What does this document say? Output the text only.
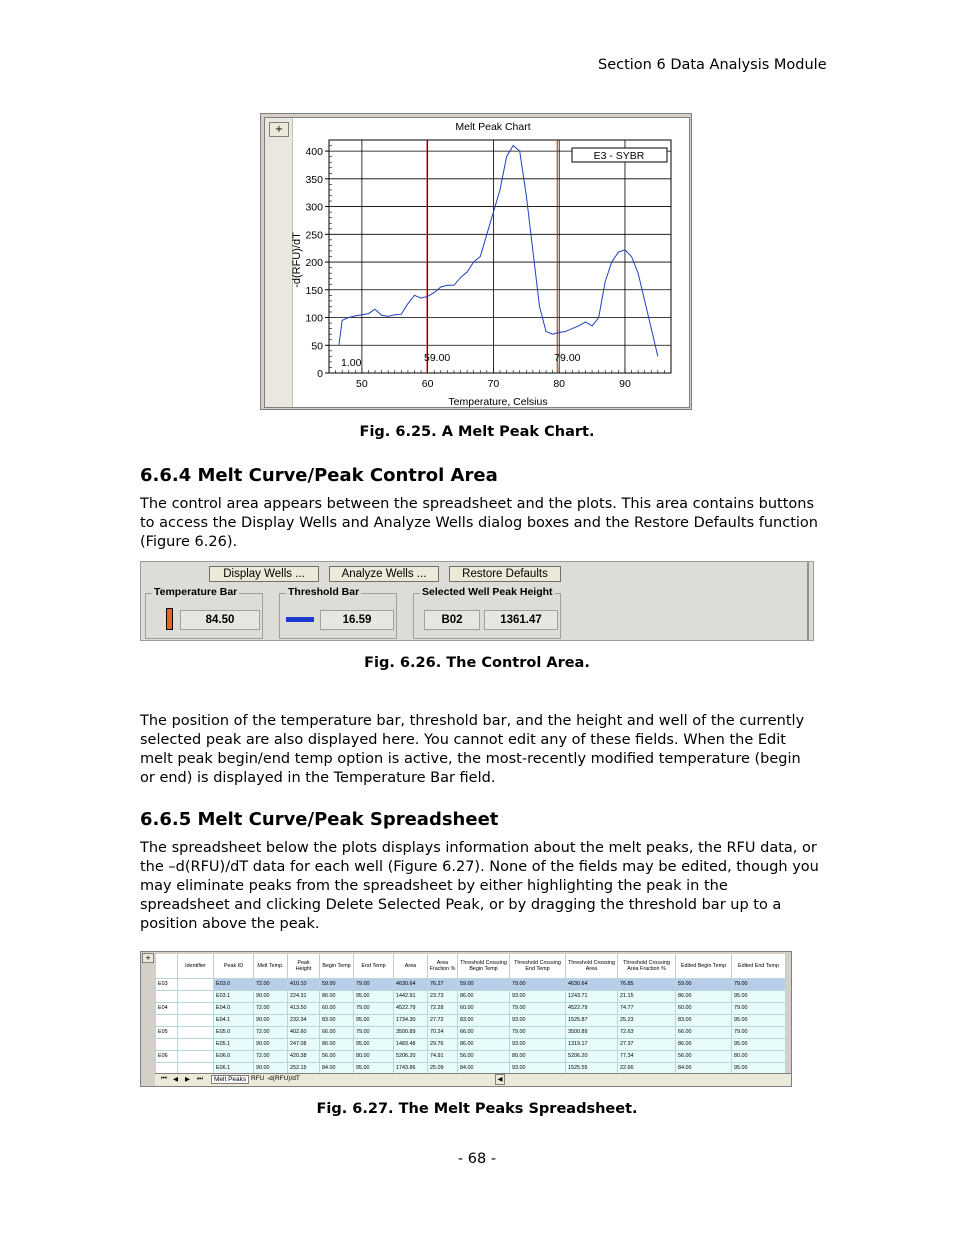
Section 6 Data Analysis Module
+	Melt Peak Chart
0
50
100
150
200
250
300
350
400
50	60	70	80	90
59.00	79.00
-d(RFU)/dT
Temperature, Celsius
E3 - SYBR
1.00
Fig. 6.25. A Melt Peak Chart.
6.6.4 Melt Curve/Peak Control Area
The control area appears between the spreadsheet and the plots. This area contains buttons to access the Display Wells and Analyze Wells dialog boxes and the Restore Defaults function (Figure 6.26).
Display Wells ...	Analyze Wells ...	Restore Defaults
Temperature Bar
84.50
Threshold Bar
16.59
Selected Well Peak Height
B02	1361.47
Fig. 6.26. The Control Area.
The position of the temperature bar, threshold bar, and the height and well of the currently selected peak are also displayed here. You cannot edit any of these fields. When the Edit melt peak begin/end temp option is active, the most-recently modified temperature (begin or end) is displayed in the Temperature Bar field.
6.6.5 Melt Curve/Peak Spreadsheet
The spreadsheet below the plots displays information about the melt peaks, the RFU data, or the –d(RFU)/dT data for each well (Figure 6.27). None of the fields may be edited, though you may eliminate peaks from the spreadsheet by either highlighting the peak in the spreadsheet and clicking Delete Selected Peak, or by dragging the threshold bar up to a position above the peak.
+
	Identifier	Peak ID	Melt Temp.	Peak Height	Begin Temp	End Temp	Area	Area Fraction %	Threshold Crossing Begin Temp	Threshold Crossing End Temp	Threshold Crossing Area	Threshold Crossing Area Fraction %	Edited Begin Temp	Edited End Temp
E03		E03.0	72.00	410.10	59.00	79.00	4630.64	76.27	59.00	79.00	4630.64	76.85	59.00	79.00
		E03.1	90.00	224.31	86.00	95.00	1442.91	23.73	86.00	93.00	1243.71	21.15	86.00	95.00
E04		E04.0	72.00	413.50	60.00	79.00	4522.79	72.28	60.00	79.00	4522.79	74.77	60.00	79.00
		E04.1	90.00	232.34	83.00	95.00	1734.30	27.72	83.00	93.00	1525.87	25.23	83.00	95.00
E05		E05.0	72.00	402.60	66.00	79.00	3500.89	70.24	66.00	79.00	3500.89	72.63	66.00	79.00
		E05.1	90.00	247.08	86.00	95.00	1483.48	29.76	86.00	93.00	1319.17	27.37	86.00	95.00
E06		E06.0	72.00	420.38	56.00	80.00	5206.20	74.91	56.00	80.00	5206.20	77.34	56.00	80.00
		E06.1	90.00	252.15	84.00	95.00	1743.86	25.09	84.00	93.00	1525.55	22.66	84.00	95.00
⏮ ◀ ▶ ⏭	Melt Peaks RFU -d(RFU)/dT	◀
Fig. 6.27. The Melt Peaks Spreadsheet.
- 68 -
